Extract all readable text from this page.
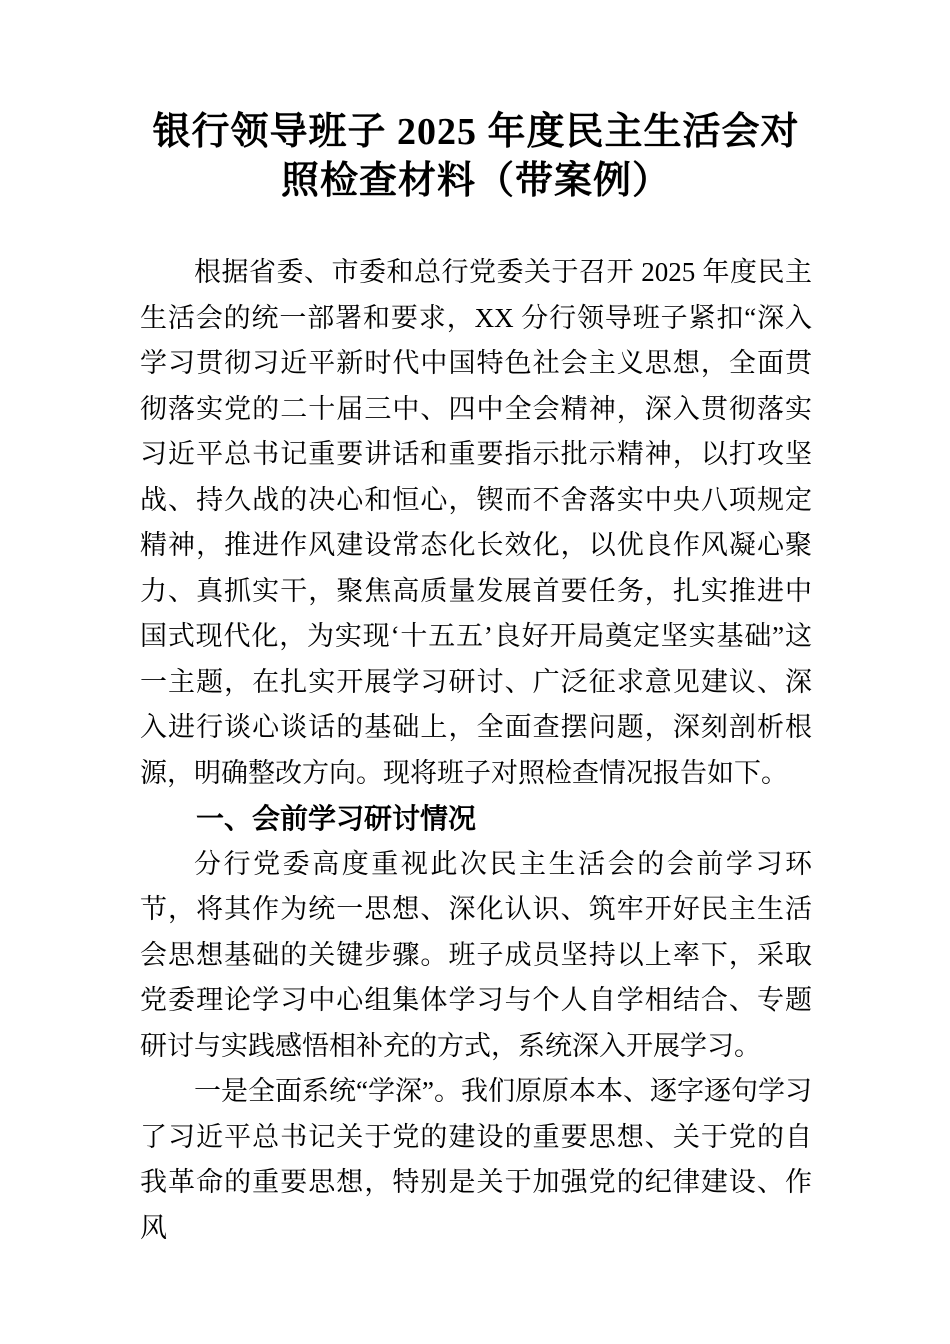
银行领导班子 2025 年度民主生活会对照检查材料（带案例）

根据省委、市委和总行党委关于召开 2025 年度民主生活会的统一部署和要求，XX 分行领导班子紧扣“深入学习贯彻习近平新时代中国特色社会主义思想，全面贯彻落实党的二十届三中、四中全会精神，深入贯彻落实习近平总书记重要讲话和重要指示批示精神，以打攻坚战、持久战的决心和恒心，锲而不舍落实中央八项规定精神，推进作风建设常态化长效化，以优良作风凝心聚力、真抓实干，聚焦高质量发展首要任务，扎实推进中国式现代化，为实现‘十五五’良好开局奠定坚实基础”这一主题，在扎实开展学习研讨、广泛征求意见建议、深入进行谈心谈话的基础上，全面查摆问题，深刻剖析根源，明确整改方向。现将班子对照检查情况报告如下。

一、会前学习研讨情况

分行党委高度重视此次民主生活会的会前学习环节，将其作为统一思想、深化认识、筑牢开好民主生活会思想基础的关键步骤。班子成员坚持以上率下，采取党委理论学习中心组集体学习与个人自学相结合、专题研讨与实践感悟相补充的方式，系统深入开展学习。

一是全面系统“学深”。我们原原本本、逐字逐句学习了习近平总书记关于党的建设的重要思想、关于党的自我革命的重要思想，特别是关于加强党的纪律建设、作风
